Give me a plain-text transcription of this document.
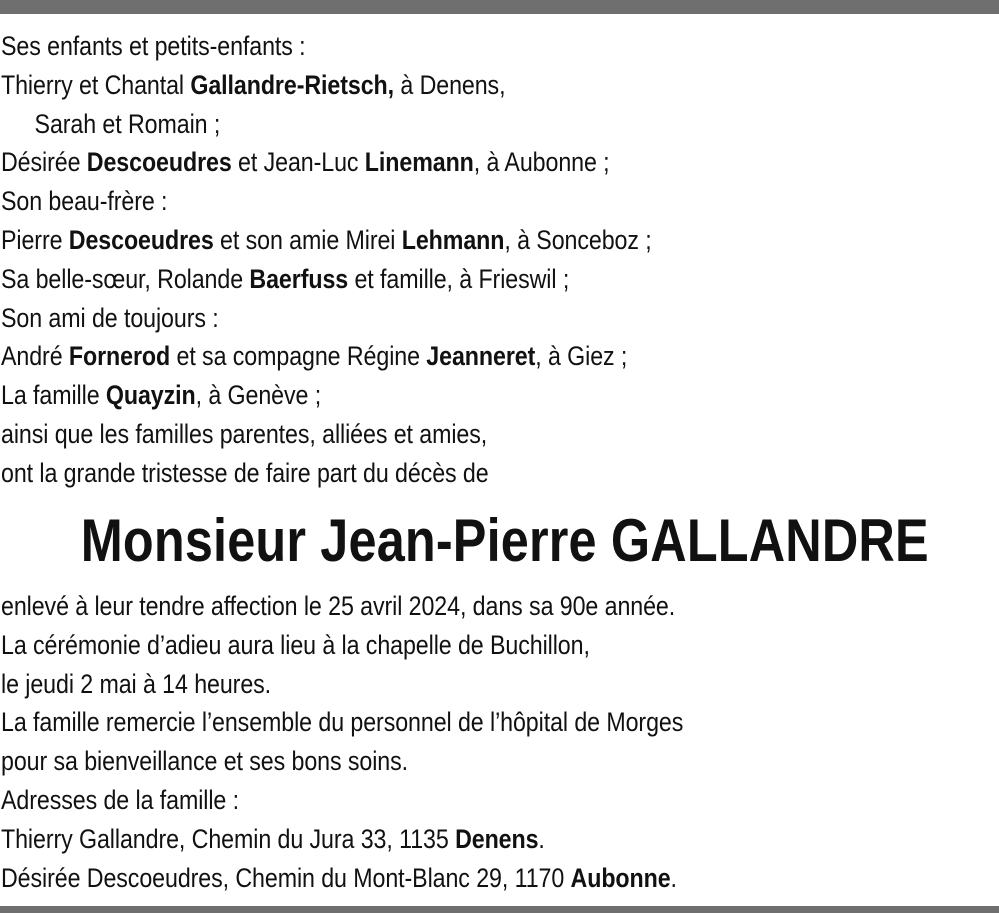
Ses enfants et petits-enfants :
Thierry et Chantal Gallandre-Rietsch, à Denens,
Sarah et Romain ;
Désirée Descoeudres et Jean-Luc Linemann, à Aubonne ;
Son beau-frère :
Pierre Descoeudres et son amie Mirei Lehmann, à Sonceboz ;
Sa belle-sœur, Rolande Baerfuss et famille, à Frieswil ;
Son ami de toujours :
André Fornerod et sa compagne Régine Jeanneret, à Giez ;
La famille Quayzin, à Genève ;
ainsi que les familles parentes, alliées et amies,
ont la grande tristesse de faire part du décès de
Monsieur Jean-Pierre GALLANDRE
enlevé à leur tendre affection le 25 avril 2024, dans sa 90e année.
La cérémonie d’adieu aura lieu à la chapelle de Buchillon,
le jeudi 2 mai à 14 heures.
La famille remercie l’ensemble du personnel de l’hôpital de Morges
pour sa bienveillance et ses bons soins.
Adresses de la famille :
Thierry Gallandre, Chemin du Jura 33, 1135 Denens.
Désirée Descoeudres, Chemin du Mont-Blanc 29, 1170 Aubonne.
